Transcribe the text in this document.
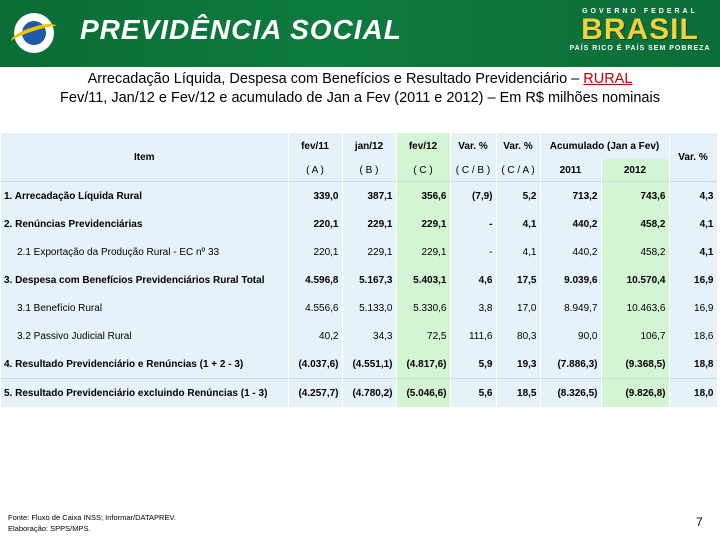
PREVIDÊNCIA SOCIAL
GOVERNO FEDERAL
BRASIL
PAÍS RICO É PAÍS SEM POBREZA
Arrecadação Líquida, Despesa com Benefícios e Resultado Previdenciário – RURAL
Fev/11, Jan/12 e Fev/12 e acumulado de Jan a Fev (2011 e 2012) – Em R$ milhões nominais
Item	fev/11	jan/12	fev/12	Var. %	Var. %	Acumulado (Jan a Fev)		Var. %
	( A )	( B )	( C )	( C / B )	( C / A )	2011	2012	
1. Arrecadação Líquida Rural	339,0	387,1	356,6	(7,9)	5,2	713,2	743,6	4,3
2. Renúncias Previdenciárias	220,1	229,1	229,1	-	4,1	440,2	458,2	4,1
2.1 Exportação da Produção Rural - EC nº 33	220,1	229,1	229,1	-	4,1	440,2	458,2	4,1
3. Despesa com Benefícios Previdenciários Rural Total	4.596,8	5.167,3	5.403,1	4,6	17,5	9.039,6	10.570,4	16,9
3.1 Benefício Rural	4.556,6	5.133,0	5.330,6	3,8	17,0	8.949,7	10.463,6	16,9
3.2 Passivo Judicial Rural	40,2	34,3	72,5	111,6	80,3	90,0	106,7	18,6
4. Resultado Previdenciário e Renúncias (1 + 2 - 3)	(4.037,6)	(4.551,1)	(4.817,6)	5,9	19,3	(7.886,3)	(9.368,5)	18,8
5. Resultado Previdenciário excluindo Renúncias (1 - 3)	(4.257,7)	(4.780,2)	(5.046,6)	5,6	18,5	(8.326,5)	(9.826,8)	18,0
Fonte: Fluxo de Caixa INSS; Informar/DATAPREV.
Elaboração: SPPS/MPS.	7
